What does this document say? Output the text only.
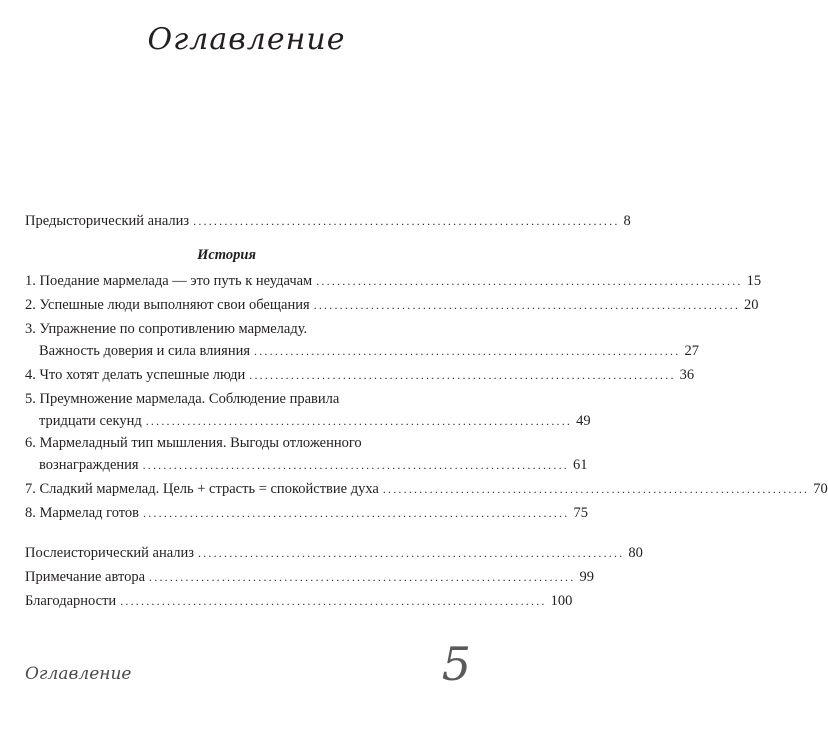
Оглавление
Предысторический анализ .................................................................................. 8
История
1. Поедание мармелада — это путь к неудачам .................................................................................. 15
2. Успешные люди выполняют свои обещания .................................................................................. 20
3. Упражнение по сопротивлению мармеладу.
Важность доверия и сила влияния .................................................................................. 27
4. Что хотят делать успешные люди .................................................................................. 36
5. Преумножение мармелада. Соблюдение правила
тридцати секунд .................................................................................. 49
6. Мармеладный тип мышления. Выгоды отложенного
вознаграждения .................................................................................. 61
7. Сладкий мармелад. Цель + страсть = спокойствие духа .................................................................................. 70
8. Мармелад готов .................................................................................. 75
Послеисторический анализ .................................................................................. 80
Примечание автора .................................................................................. 99
Благодарности .................................................................................. 100
Оглавление	5
